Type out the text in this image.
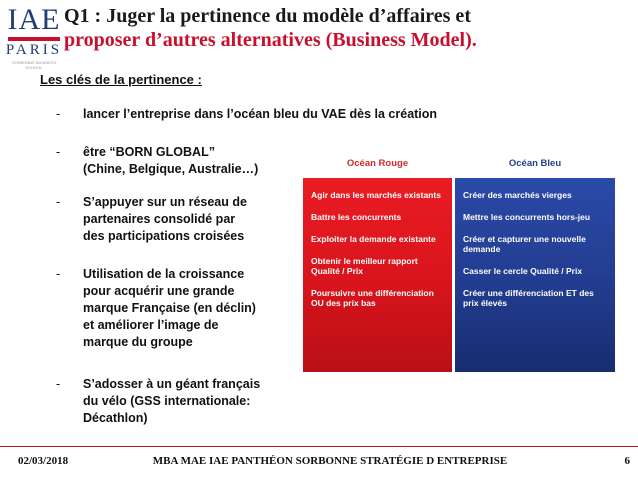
IAE
PARIS
SORBONNE BUSINESS SCHOOL
Q1 : Juger la pertinence du modèle d’affaires et
proposer d’autres alternatives (Business Model).
Les clés de la pertinence :
- lancer l’entreprise dans l’océan bleu du VAE dès la création
- être “BORN GLOBAL”
(Chine, Belgique, Australie…)
- S’appuyer sur un réseau de
partenaires consolidé par
des participations croisées
- Utilisation de la croissance
pour acquérir une grande
marque Française (en déclin)
et améliorer l’image de
marque du groupe
- S’adosser à un géant français
du vélo (GSS internationale:
Décathlon)
Océan Rouge
Agir dans les marchés existants
Battre les concurrents
Exploiter la demande existante
Obtenir le meilleur rapport Qualité / Prix
Poursuivre une différenciation OU des prix bas
Océan Bleu
Créer des marchés vierges
Mettre les concurrents hors-jeu
Créer et capturer une nouvelle demande
Casser le cercle Qualité / Prix
Créer une différenciation ET des prix élevés
02/03/2018	MBA MAE IAE PANTHÉON SORBONNE STRATÉGIE D ENTREPRISE	6
